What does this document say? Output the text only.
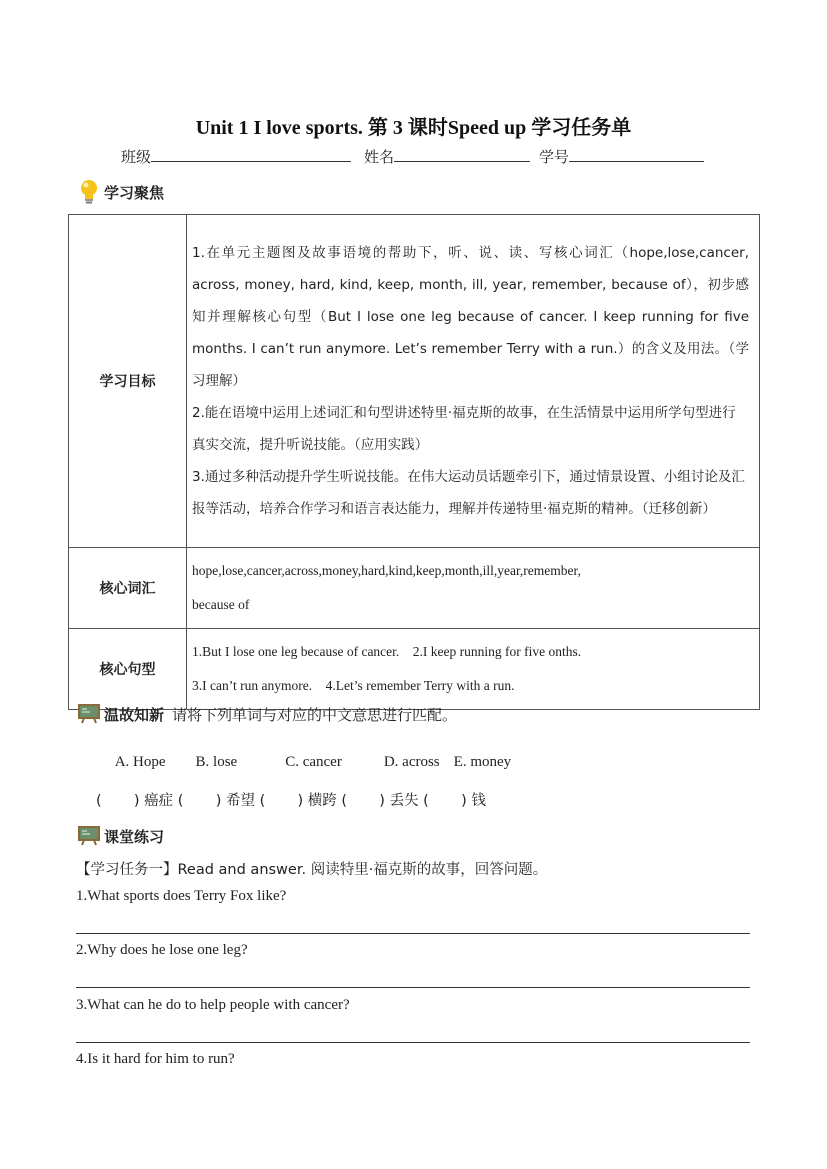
Unit 1 I love sports. 第 3 课时Speed up 学习任务单
班级	姓名	学号
学习聚焦
学习目标	1.在单元主题图及故事语境的帮助下，听、说、读、写核心词汇（hope,lose,cancer, across, money, hard, kind, keep, month, ill, year, remember, because of），初步感知并理解核心句型（But I lose one leg because of cancer. I keep running for five months. I can’t run anymore. Let’s remember Terry with a run.）的含义及用法。（学习理解）
2.能在语境中运用上述词汇和句型讲述特里·福克斯的故事，在生活情景中运用所学句型进行真实交流，提升听说技能。（应用实践）
3.通过多种活动提升学生听说技能。在伟大运动员话题牵引下，通过情景设置、小组讨论及汇报等活动，培养合作学习和语言表达能力，理解并传递特里·福克斯的精神。（迁移创新）

核心词汇	hope,lose,cancer,across,money,hard,kind,keep,month,ill,year,remember,
because of

核心句型	1.But I lose one leg because of cancer.    2.I keep running for five onths.
3.I can’t run anymore.    4.Let’s remember Terry with a run.
温故知新 请将下列单词与对应的中文意思进行匹配。

A. Hope B. lose	C. cancer	D. across E. money

(       ) 癌症 (       ) 希望 (       ) 横跨 (       ) 丢失 (       ) 钱
课堂练习
【学习任务一】Read and answer. 阅读特里·福克斯的故事，回答问题。
1.What sports does Terry Fox like?
2.Why does he lose one leg?
3.What can he do to help people with cancer?
4.Is it hard for him to run?
